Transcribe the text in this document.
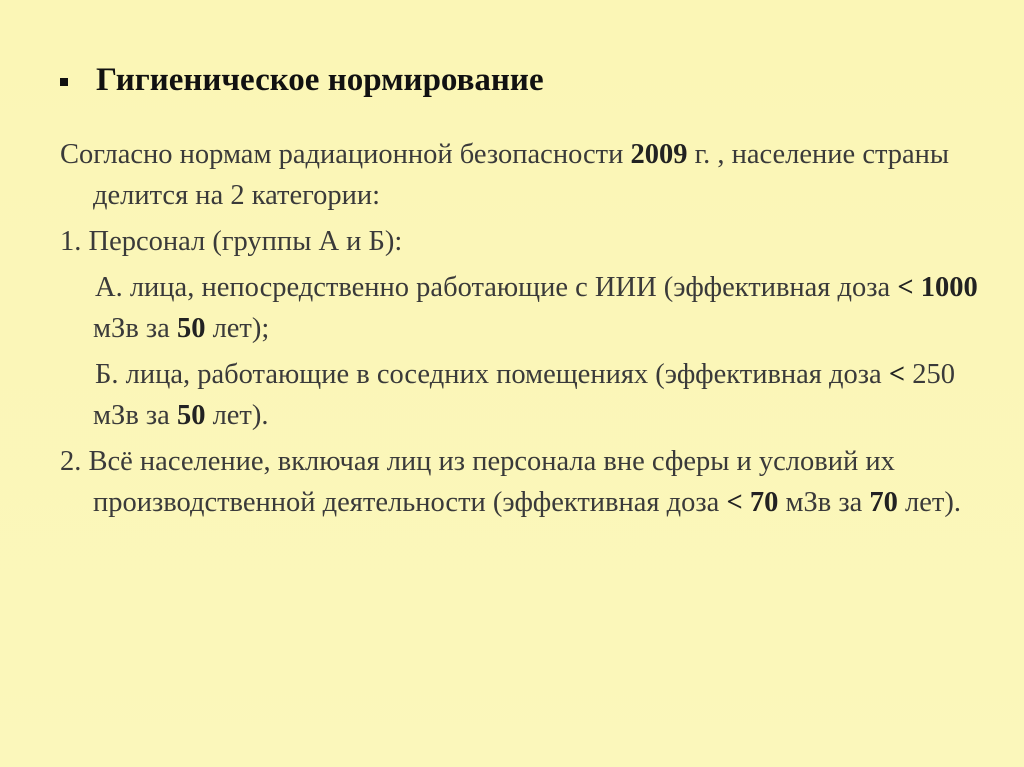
Гигиеническое нормирование
Согласно нормам радиационной безопасности 2009 г. , население страны делится на 2 категории:
1. Персонал (группы А и Б):
А. лица, непосредственно работающие с ИИИ (эффективная доза < 1000 мЗв за 50 лет);
Б. лица, работающие в соседних помещениях (эффективная доза < 250 мЗв за 50 лет).
2. Всё население, включая лиц из персонала вне сферы и условий их производственной деятельности (эффективная доза < 70 мЗв за 70 лет).
